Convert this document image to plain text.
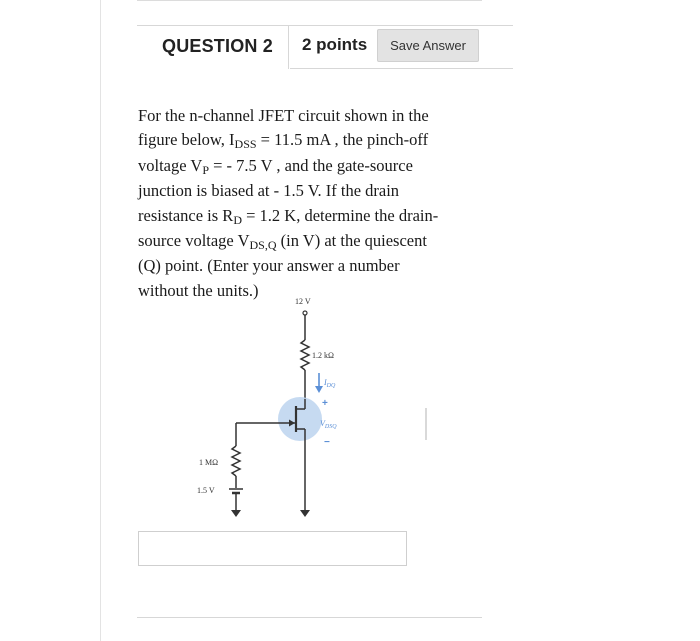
QUESTION 2 2 points	Save Answer
For the n-channel JFET circuit shown in the
figure below, IDSS = 11.5 mA , the pinch-off
voltage VP = - 7.5 V , and the gate-source
junction is biased at - 1.5 V. If the drain
resistance is RD = 1.2 K, determine the drain-
source voltage VDS,Q (in V) at the quiescent
(Q) point. (Enter your answer a number
without the units.)
12 V
1.2 kΩ
$I_{DQ}$
+
$V_{DSQ}$
−
1 MΩ
1.5 V
